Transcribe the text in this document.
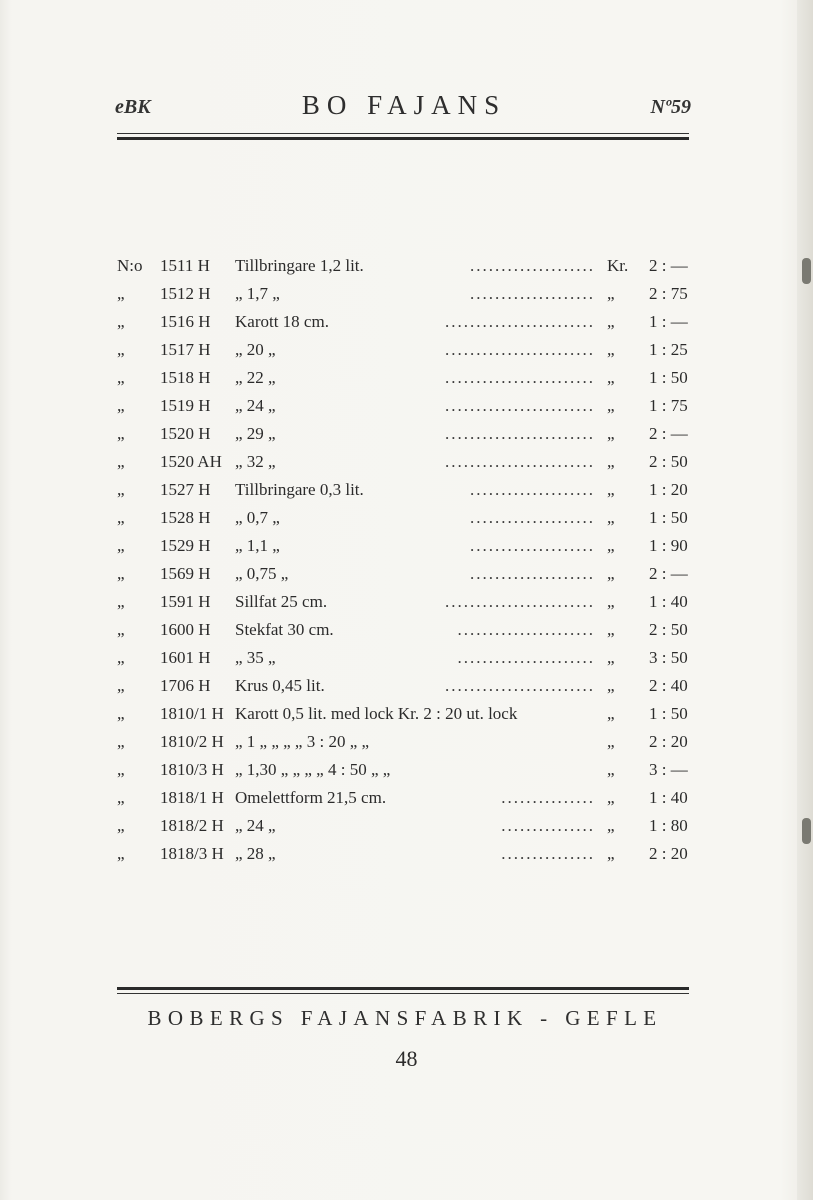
eBK	BO FAJANS	Nº59
N:o 1511 H Tillbringare 1,2 lit.	Kr. 2 : —
....................
„ 1512 H „ 1,7 „	„ 2 : 75
....................
„ 1516 H Karott 18 cm.	„ 1 : —
........................
„ 1517 H „ 20 „	„ 1 : 25
........................
„ 1518 H „ 22 „	„ 1 : 50
........................
„ 1519 H „ 24 „	„ 1 : 75
........................
„ 1520 H „ 29 „	„ 2 : —
........................
„ 1520 AH „ 32 „	„ 2 : 50
........................
„ 1527 H Tillbringare 0,3 lit.	„ 1 : 20
....................
„ 1528 H „ 0,7 „	„ 1 : 50
....................
„ 1529 H „ 1,1 „	„ 1 : 90
....................
„ 1569 H „ 0,75 „	„ 2 : —
....................
„ 1591 H Sillfat 25 cm.	„ 1 : 40
........................
„ 1600 H Stekfat 30 cm.	„ 2 : 50
......................
„ 1601 H „ 35 „	„ 3 : 50
......................
„ 1706 H Krus 0,45 lit.	„ 2 : 40
........................
„ 1810/1 H Karott 0,5 lit. med lock Kr. 2 : 20 ut. lock	„ 1 : 50
„ 1810/2 H „ 1 „ „ „ „ 3 : 20 „ „	„ 2 : 20
„ 1810/3 H „ 1,30 „ „ „ „ 4 : 50 „ „	„ 3 : —
„ 1818/1 H Omelettform 21,5 cm.	„ 1 : 40
...............
„ 1818/2 H „ 24 „	„ 1 : 80
...............
„ 1818/3 H „ 28 „	„ 2 : 20
...............
BOBERGS FAJANSFABRIK - GEFLE
48
